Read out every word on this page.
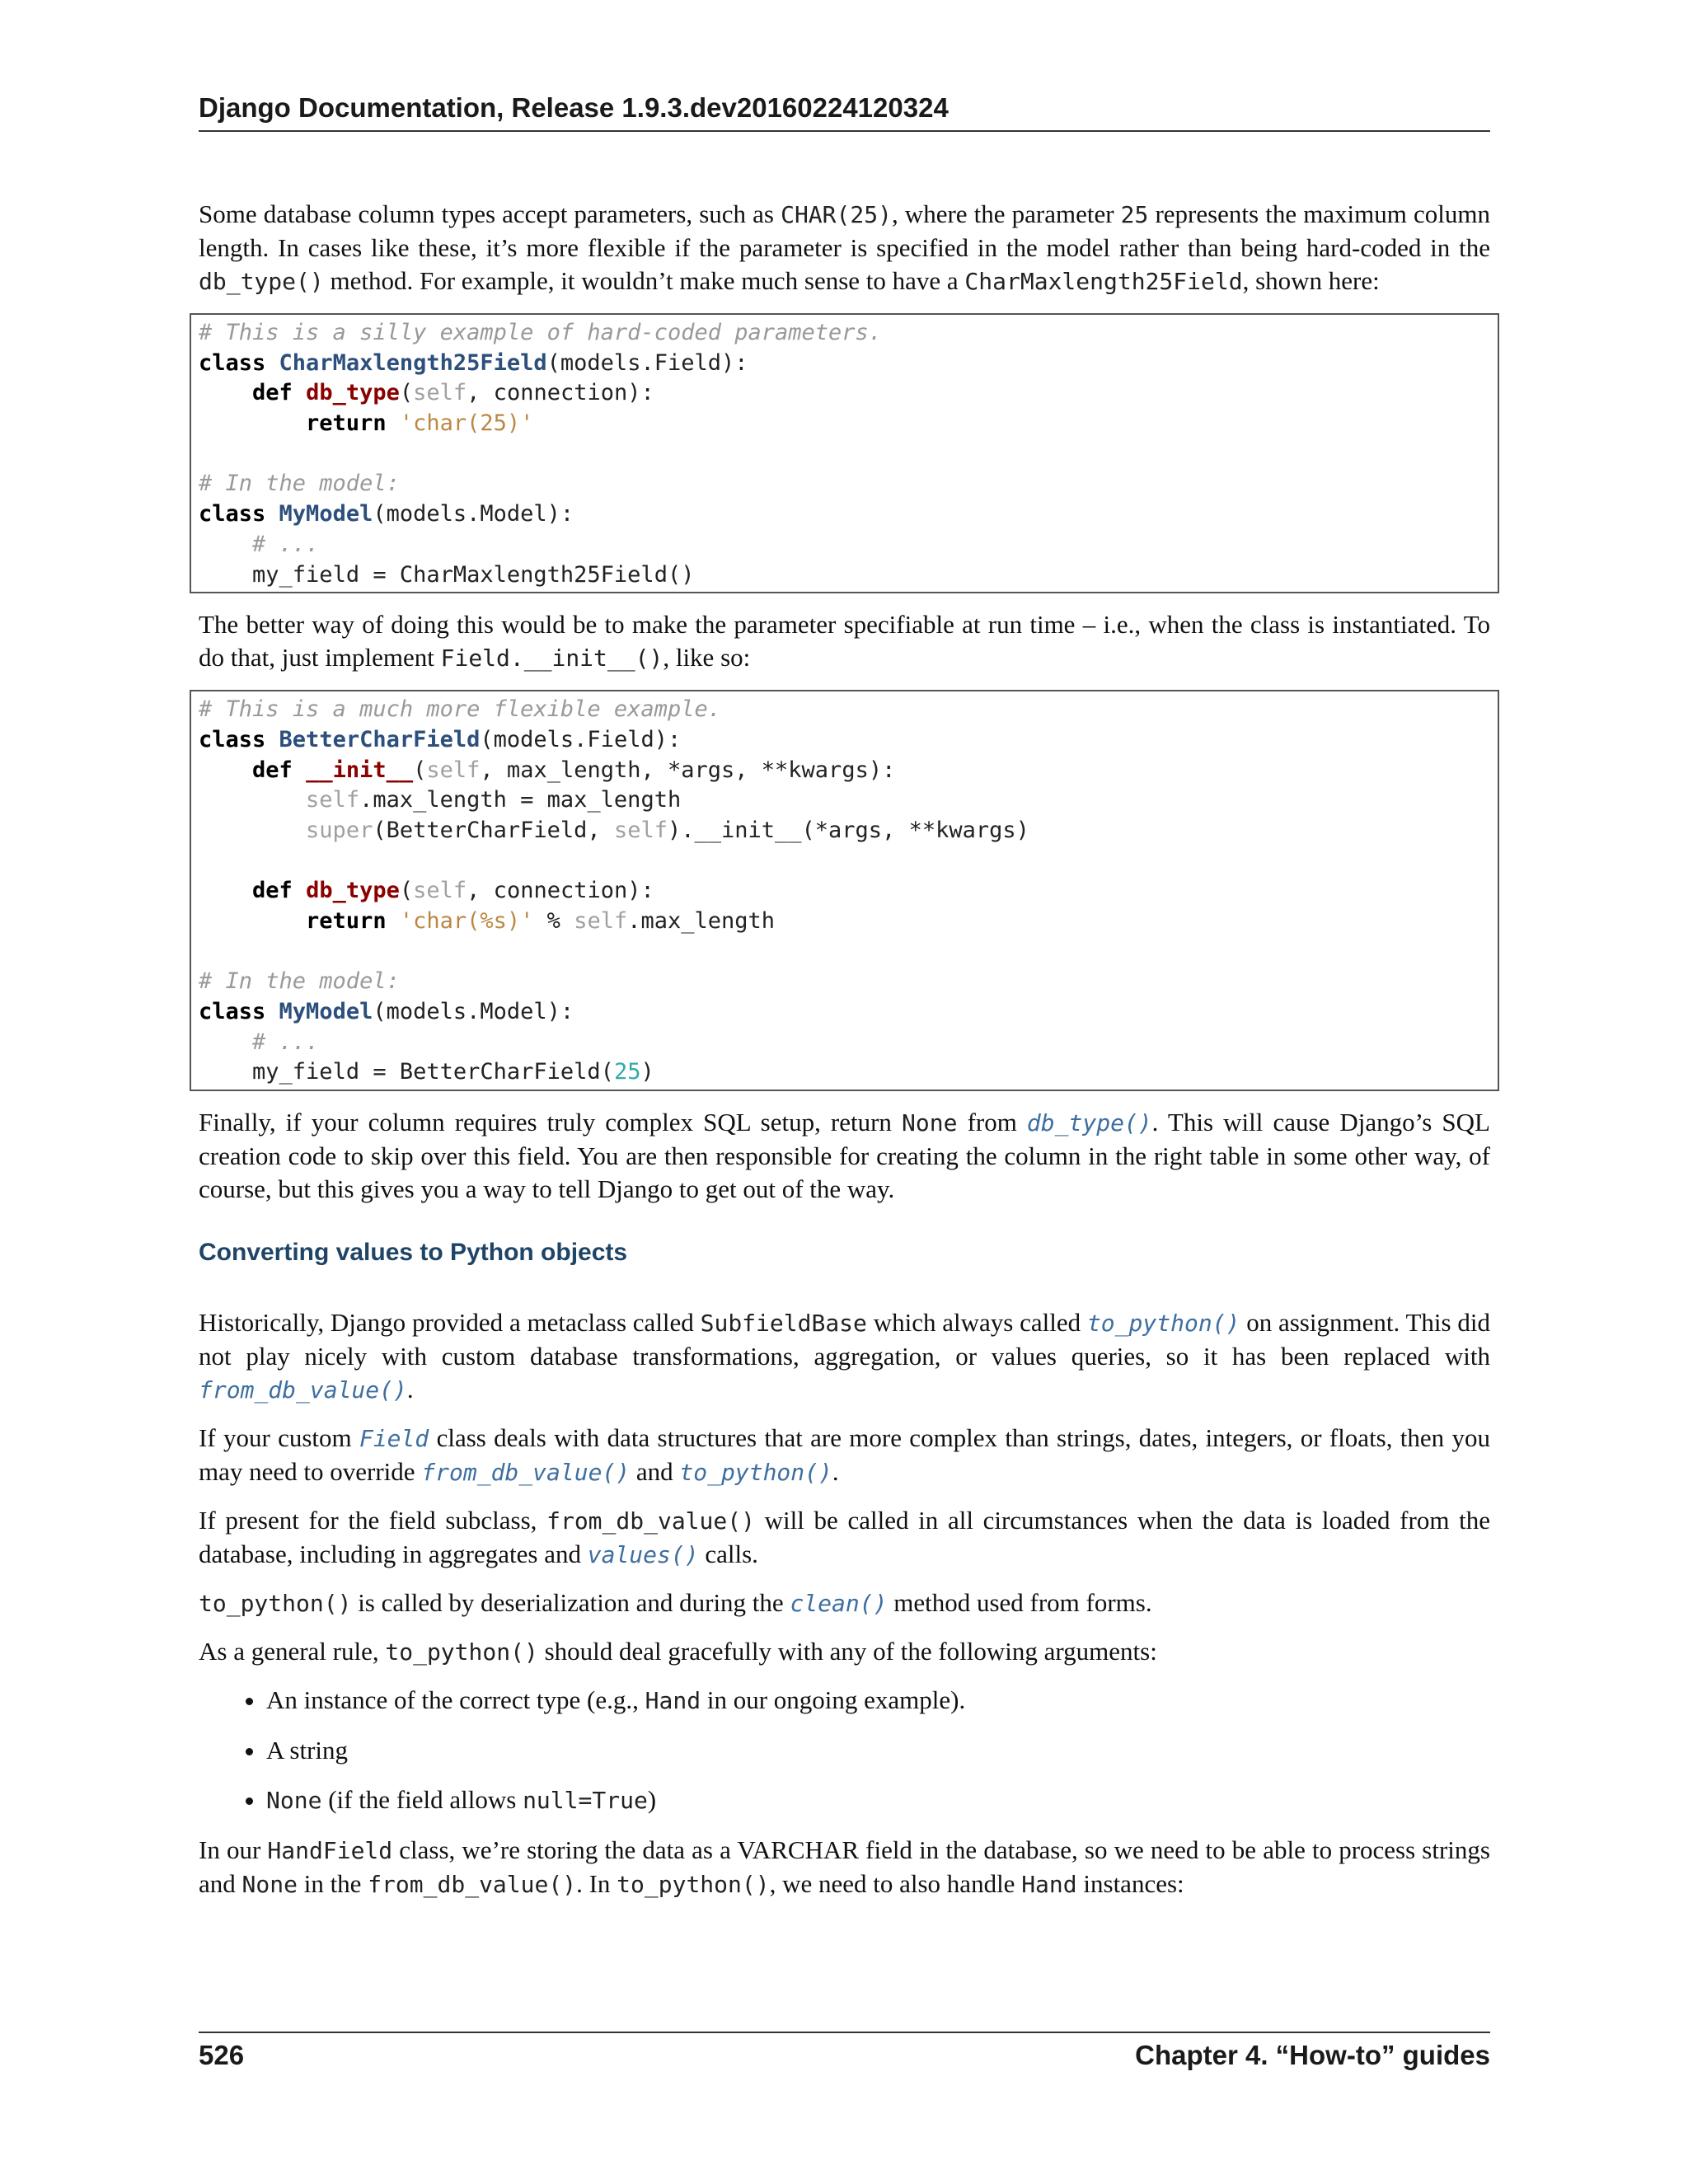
Django Documentation, Release 1.9.3.dev20160224120324

Some database column types accept parameters, such as CHAR(25), where the parameter 25 represents the maximum column length. In cases like these, it’s more flexible if the parameter is specified in the model rather than being hard-coded in the db_type() method. For example, it wouldn’t make much sense to have a CharMaxlength25Field, shown here:

# This is a silly example of hard-coded parameters.
class CharMaxlength25Field(models.Field):
def db_type(self, connection):
return 'char(25)'
# In the model:
class MyModel(models.Model):
# ...
my_field = CharMaxlength25Field()

The better way of doing this would be to make the parameter specifiable at run time – i.e., when the class is instantiated. To do that, just implement Field.__init__(), like so:

# This is a much more flexible example.
class BetterCharField(models.Field):
def __init__(self, max_length, *args, **kwargs):
self.max_length = max_length
super(BetterCharField, self).__init__(*args, **kwargs)
def db_type(self, connection):
return 'char(%s)' % self.max_length
# In the model:
class MyModel(models.Model):
# ...
my_field = BetterCharField(25)

Finally, if your column requires truly complex SQL setup, return None from db_type(). This will cause Django’s SQL creation code to skip over this field. You are then responsible for creating the column in the right table in some other way, of course, but this gives you a way to tell Django to get out of the way.

Converting values to Python objects

Historically, Django provided a metaclass called SubfieldBase which always called to_python() on assignment. This did not play nicely with custom database transformations, aggregation, or values queries, so it has been replaced with from_db_value().

If your custom Field class deals with data structures that are more complex than strings, dates, integers, or floats, then you may need to override from_db_value() and to_python().

If present for the field subclass, from_db_value() will be called in all circumstances when the data is loaded from the database, including in aggregates and values() calls.

to_python() is called by deserialization and during the clean() method used from forms.

As a general rule, to_python() should deal gracefully with any of the following arguments:

• An instance of the correct type (e.g., Hand in our ongoing example).
• A string
• None (if the field allows null=True)

In our HandField class, we’re storing the data as a VARCHAR field in the database, so we need to be able to process strings and None in the from_db_value(). In to_python(), we need to also handle Hand instances:

526	Chapter 4. “How-to” guides
